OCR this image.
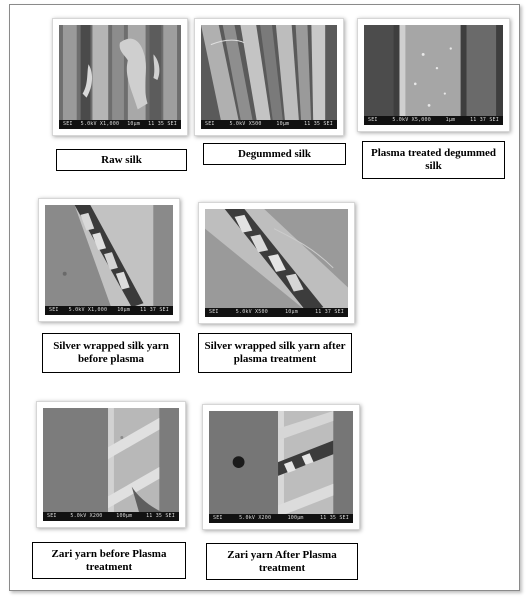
SEI 5.0kV X1,000 10μm 11 35 SEI	SEI	5.0kV X500	10μm	11 35 SEI
SEI	5.0kV X5,000	1μm	11 37 SEI
Raw silk	Degummed silk	Plasma treated degummed silk
SEI 5.0kV X1,000 10μm 11 37 SEI	SEI	5.0kV X500	10μm	11 37 SEI
Silver wrapped silk yarn before plasma
Silver wrapped silk yarn after plasma treatment
SEI	5.0kV X200	100μm	11 35 SEI	SEI	5.0kV X200	100μm	11 35 SEI
Zari yarn before Plasma treatment
Zari yarn After Plasma treatment
